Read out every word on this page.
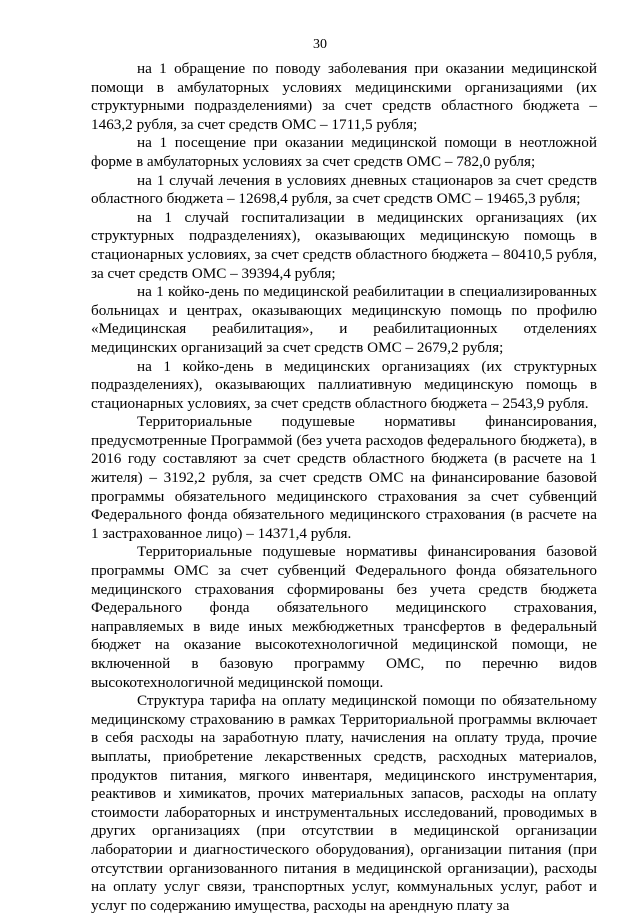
30

на 1 обращение по поводу заболевания при оказании медицинской помощи в амбулаторных условиях медицинскими организациями (их структурными подразделениями) за счет средств областного бюджета – 1463,2 рубля, за счет средств ОМС – 1711,5 рубля;

на 1 посещение при оказании медицинской помощи в неотложной форме в амбулаторных условиях за счет средств ОМС – 782,0 рубля;

на 1 случай лечения в условиях дневных стационаров за счет средств областного бюджета – 12698,4 рубля, за счет средств ОМС – 19465,3 рубля;

на 1 случай госпитализации в медицинских организациях (их структурных подразделениях), оказывающих медицинскую помощь в стационарных условиях, за счет средств областного бюджета – 80410,5 рубля, за счет средств ОМС – 39394,4 рубля;

на 1 койко-день по медицинской реабилитации в специализированных больницах и центрах, оказывающих медицинскую помощь по профилю «Медицинская реабилитация», и реабилитационных отделениях медицинских организаций за счет средств ОМС – 2679,2 рубля;

на 1 койко-день в медицинских организациях (их структурных подразделениях), оказывающих паллиативную медицинскую помощь в стационарных условиях, за счет средств областного бюджета – 2543,9 рубля.

Территориальные подушевые нормативы финансирования, предусмотренные Программой (без учета расходов федерального бюджета), в 2016 году составляют за счет средств областного бюджета (в расчете на 1 жителя) – 3192,2 рубля, за счет средств ОМС на финансирование базовой программы обязательного медицинского страхования за счет субвенций Федерального фонда обязательного медицинского страхования (в расчете на 1 застрахованное лицо) – 14371,4 рубля.

Территориальные подушевые нормативы финансирования базовой программы ОМС за счет субвенций Федерального фонда обязательного медицинского страхования сформированы без учета средств бюджета Федерального фонда обязательного медицинского страхования, направляемых в виде иных межбюджетных трансфертов в федеральный бюджет на оказание высокотехнологичной медицинской помощи, не включенной в базовую программу ОМС, по перечню видов высокотехнологичной медицинской помощи.

Структура тарифа на оплату медицинской помощи по обязательному медицинскому страхованию в рамках Территориальной программы включает в себя расходы на заработную плату, начисления на оплату труда, прочие выплаты, приобретение лекарственных средств, расходных материалов, продуктов питания, мягкого инвентаря, медицинского инструментария, реактивов и химикатов, прочих материальных запасов, расходы на оплату стоимости лабораторных и инструментальных исследований, проводимых в других организациях (при отсутствии в медицинской организации лаборатории и диагностического оборудования), организации питания (при отсутствии организованного питания в медицинской организации), расходы на оплату услуг связи, транспортных услуг, коммунальных услуг, работ и услуг по содержанию имущества, расходы на арендную плату за
